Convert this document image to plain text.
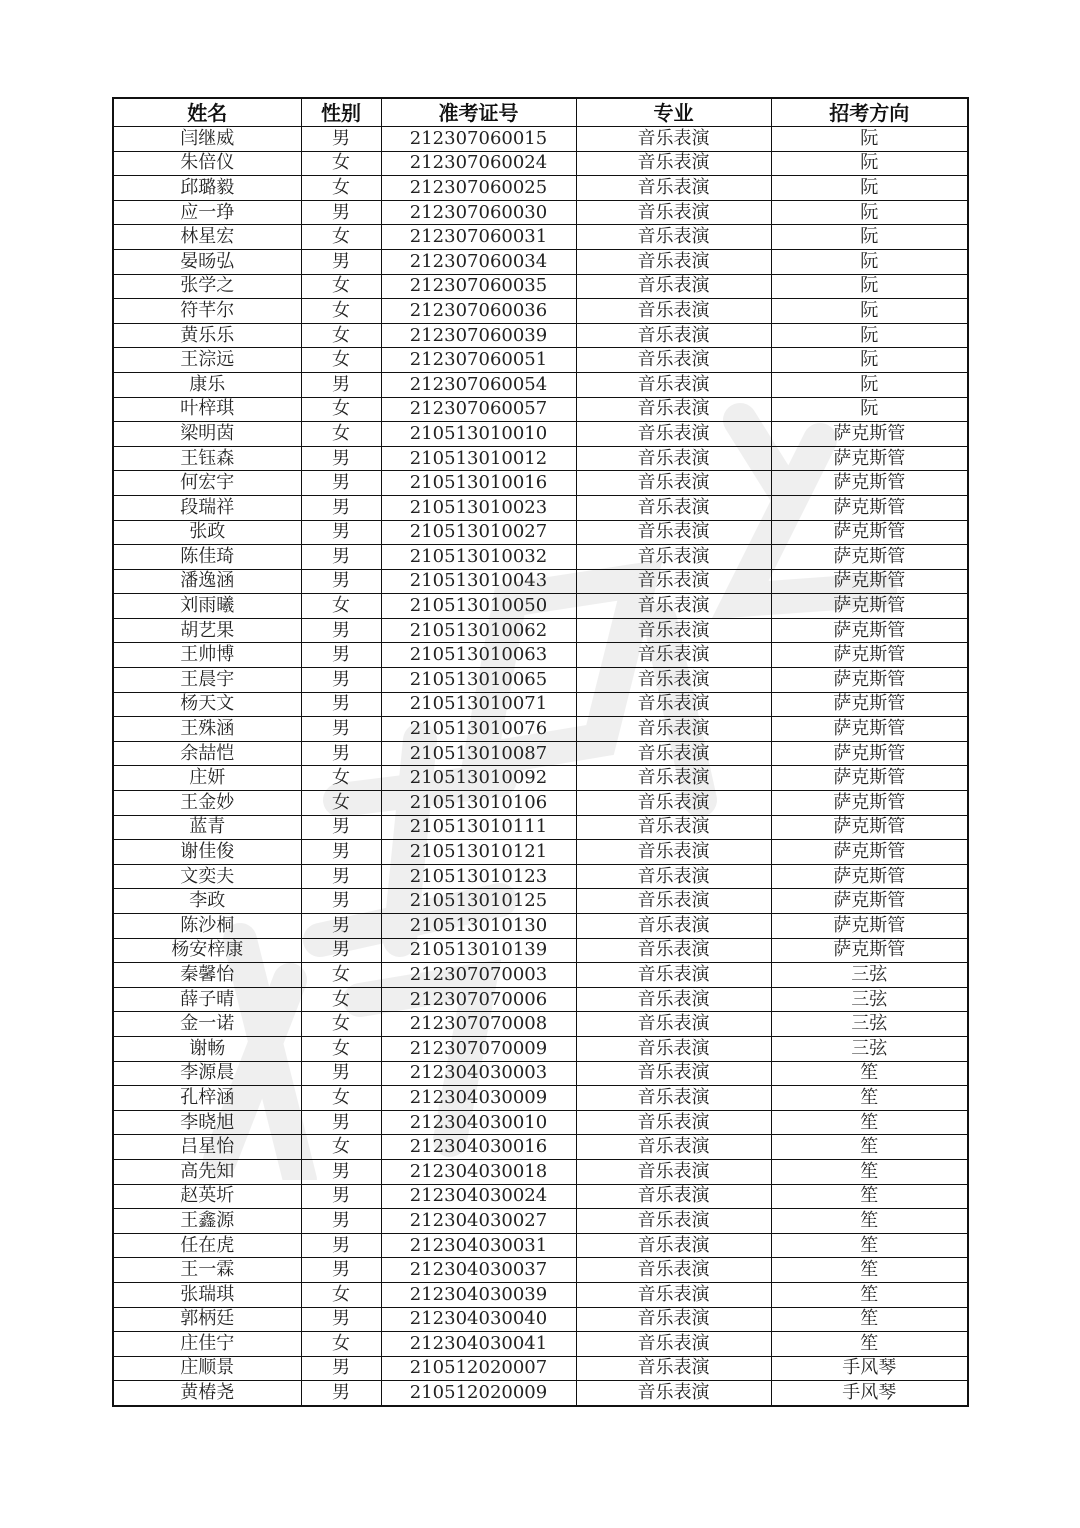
姓名	性别	准考证号	专业	招考方向
闫继威	男	212307060015	音乐表演	阮
朱倍仪	女	212307060024	音乐表演	阮
邱璐毅	女	212307060025	音乐表演	阮
应一琤	男	212307060030	音乐表演	阮
林星宏	女	212307060031	音乐表演	阮
晏旸弘	男	212307060034	音乐表演	阮
张学之	女	212307060035	音乐表演	阮
符芊尔	女	212307060036	音乐表演	阮
黄乐乐	女	212307060039	音乐表演	阮
王淙远	女	212307060051	音乐表演	阮
康乐	男	212307060054	音乐表演	阮
叶梓琪	女	212307060057	音乐表演	阮
梁明茵	女	210513010010	音乐表演	萨克斯管
王钰森	男	210513010012	音乐表演	萨克斯管
何宏宇	男	210513010016	音乐表演	萨克斯管
段瑞祥	男	210513010023	音乐表演	萨克斯管
张政	男	210513010027	音乐表演	萨克斯管
陈佳琦	男	210513010032	音乐表演	萨克斯管
潘逸涵	男	210513010043	音乐表演	萨克斯管
刘雨曦	女	210513010050	音乐表演	萨克斯管
胡艺果	男	210513010062	音乐表演	萨克斯管
王帅博	男	210513010063	音乐表演	萨克斯管
王晨宇	男	210513010065	音乐表演	萨克斯管
杨天文	男	210513010071	音乐表演	萨克斯管
王殊涵	男	210513010076	音乐表演	萨克斯管
余喆恺	男	210513010087	音乐表演	萨克斯管
庄妍	女	210513010092	音乐表演	萨克斯管
王金妙	女	210513010106	音乐表演	萨克斯管
蓝青	男	210513010111	音乐表演	萨克斯管
谢佳俊	男	210513010121	音乐表演	萨克斯管
文奕夫	男	210513010123	音乐表演	萨克斯管
李政	男	210513010125	音乐表演	萨克斯管
陈沙桐	男	210513010130	音乐表演	萨克斯管
杨安梓康	男	210513010139	音乐表演	萨克斯管
秦馨怡	女	212307070003	音乐表演	三弦
薛子晴	女	212307070006	音乐表演	三弦
金一诺	女	212307070008	音乐表演	三弦
谢畅	女	212307070009	音乐表演	三弦
李源晨	男	212304030003	音乐表演	笙
孔梓涵	女	212304030009	音乐表演	笙
李晓旭	男	212304030010	音乐表演	笙
吕星怡	女	212304030016	音乐表演	笙
高先知	男	212304030018	音乐表演	笙
赵英圻	男	212304030024	音乐表演	笙
王鑫源	男	212304030027	音乐表演	笙
任在虎	男	212304030031	音乐表演	笙
王一霖	男	212304030037	音乐表演	笙
张瑞琪	女	212304030039	音乐表演	笙
郭柄廷	男	212304030040	音乐表演	笙
庄佳宁	女	212304030041	音乐表演	笙
庄顺景	男	210512020007	音乐表演	手风琴
黄椿尧	男	210512020009	音乐表演	手风琴
